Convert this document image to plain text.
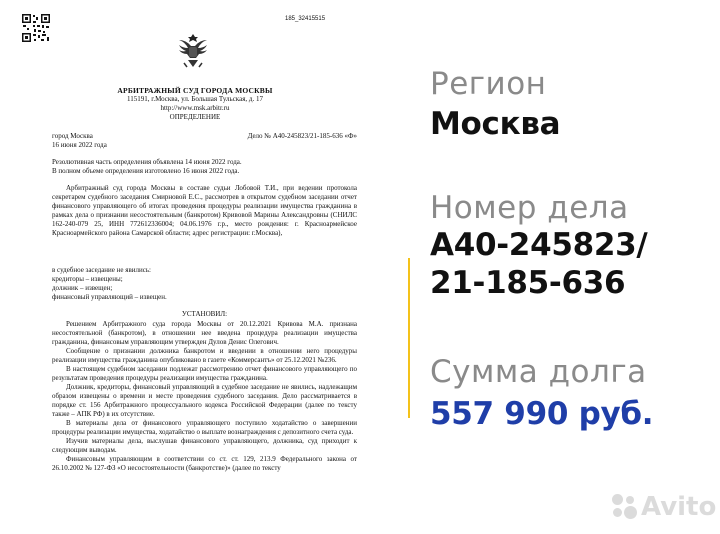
185_32415515
АРБИТРАЖНЫЙ СУД ГОРОДА МОСКВЫ
115191, г.Москва, ул. Большая Тульская, д. 17
http://www.msk.arbitr.ru
ОПРЕДЕЛЕНИЕ
город Москва	Дело № А40-245823/21-185-636 «Ф»
16 июня 2022 года

Резолютивная часть определения объявлена 14 июня 2022 года.

В полном объеме определения изготовлено 16 июня 2022 года.

Арбитражный суд города Москвы в составе судьи Лобовой Т.И., при ведении протокола секретарем судебного заседания Смирновой Е.С., рассмотрев в открытом судебном заседании отчет финансового управляющего об итогах проведения процедуры реализации имущества гражданина в рамках дела о признании несостоятельным (банкротом) Кривовой Марины Александровны (СНИЛС 162-240-079 25, ИНН 772612336004; 04.06.1976 г.р., место рождения: г. Красноармейское Красноармейского района Самарской области; адрес регистрации: г.Москва),

в судебное заседание не явились:

кредиторы – извещены;

должник – извещен;

финансовый управляющий – извещен.

УСТАНОВИЛ:

Решением Арбитражного суда города Москвы от 20.12.2021 Кривова М.А. признана несостоятельной (банкротом), в отношении нее введена процедура реализации имущества гражданина, финансовым управляющим утвержден Дулов Денис Олегович.

Сообщение о признании должника банкротом и введении в отношении него процедуры реализации имущества гражданина опубликовано в газете «Коммерсантъ» от 25.12.2021 №236.

В настоящем судебном заседании подлежат рассмотрению отчет финансового управляющего по результатам проведения процедуры реализации имущества гражданина.

Должник, кредиторы, финансовый управляющий в судебное заседание не явились, надлежащим образом извещены о времени и месте проведения судебного заседания. Дело рассматривается в порядке ст. 156 Арбитражного процессуального кодекса Российской Федерации (далее по тексту также – АПК РФ) в их отсутствие.

В материалы дела от финансового управляющего поступило ходатайство о завершении процедуры реализации имущества, ходатайство о выплате вознаграждения с депозитного счета суда.

Изучив материалы дела, выслушав финансового управляющего, должника, суд приходит к следующим выводам.

Финансовым управляющим в соответствии со ст. ст. 129, 213.9 Федерального закона от 26.10.2002 № 127-ФЗ «О несостоятельности (банкротстве)» (далее по тексту

Регион
Москва
Номер дела
А40-245823/
21-185-636
Сумма долга
557 990 руб.
Avito
